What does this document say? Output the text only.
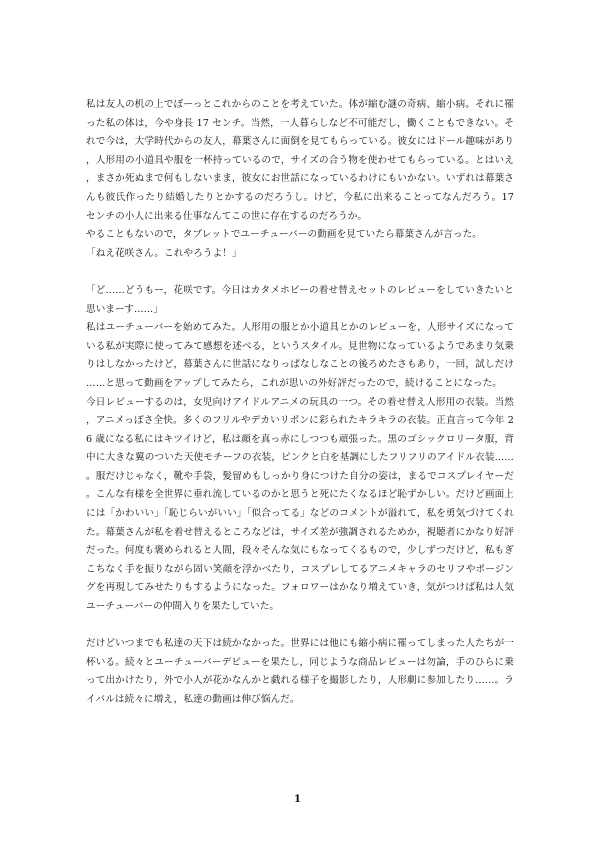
私は友人の机の上でぼーっとこれからのことを考えていた。体が縮む謎の奇病、縮小病。それに罹った私の体は，今や身長 17 センチ。当然，一人暮らしなど不可能だし，働くこともできない。それで今は，大学時代からの友人，幕葉さんに面倒を見てもらっている。彼女にはドール趣味があり，人形用の小道具や服を一杯持っているので，サイズの合う物を使わせてもらっている。とはいえ，まさか死ぬまで何もしないまま，彼女にお世話になっているわけにもいかない。いずれは幕葉さんも彼氏作ったり結婚したりとかするのだろうし。けど，今私に出来ることってなんだろう。17 センチの小人に出来る仕事なんてこの世に存在するのだろうか。

やることもないので，タブレットでユーチューバーの動画を見ていたら幕葉さんが言った。

「ねえ花咲さん。これやろうよ！」

「ど……どうもー，花咲です。今日はカタメホビーの着せ替えセットのレビューをしていきたいと思いまーす……」

私はユーチューバーを始めてみた。人形用の服とか小道具とかのレビューを，人形サイズになっている私が実際に使ってみて感想を述べる，というスタイル。見世物になっているようであまり気乗りはしなかったけど，幕葉さんに世話になりっぱなしなことの後ろめたさもあり，一回，試しだけ……と思って動画をアップしてみたら，これが思いの外好評だったので，続けることになった。

今日レビューするのは，女児向けアイドルアニメの玩具の一つ。その着せ替え人形用の衣装。当然，アニメっぽさ全快。多くのフリルやデカいリボンに彩られたキラキラの衣装。正直言って今年 26 歳になる私にはキツイけど，私は顔を真っ赤にしつつも頑張った。黒のゴシックロリータ服，背中に大きな翼のついた天使モチーフの衣装，ピンクと白を基調にしたフリフリのアイドル衣装……。服だけじゃなく，靴や手袋，髪留めもしっかり身につけた自分の姿は，まるでコスプレイヤーだ。こんな有様を全世界に垂れ流しているのかと思うと死にたくなるほど恥ずかしい。だけど画面上には「かわいい」「恥じらいがいい」「似合ってる」などのコメントが溢れて，私を勇気づけてくれた。幕葉さんが私を着せ替えるところなどは，サイズ差が強調されるためか，視聴者にかなり好評だった。何度も褒められると人間，段々そんな気にもなってくるもので，少しずつだけど，私もぎこちなく手を振りながら固い笑顔を浮かべたり，コスプレしてるアニメキャラのセリフやポージングを再現してみせたりもするようになった。フォロワーはかなり増えていき，気がつけば私は人気ユーチューバーの仲間入りを果たしていた。

だけどいつまでも私達の天下は続かなかった。世界には他にも縮小病に罹ってしまった人たちが一杯いる。続々とユーチューバーデビューを果たし，同じような商品レビューは勿論，手のひらに乗って出かけたり，外で小人が花かなんかと戯れる様子を撮影したり，人形劇に参加したり……。ライバルは続々に増え，私達の動画は伸び悩んだ。

1
